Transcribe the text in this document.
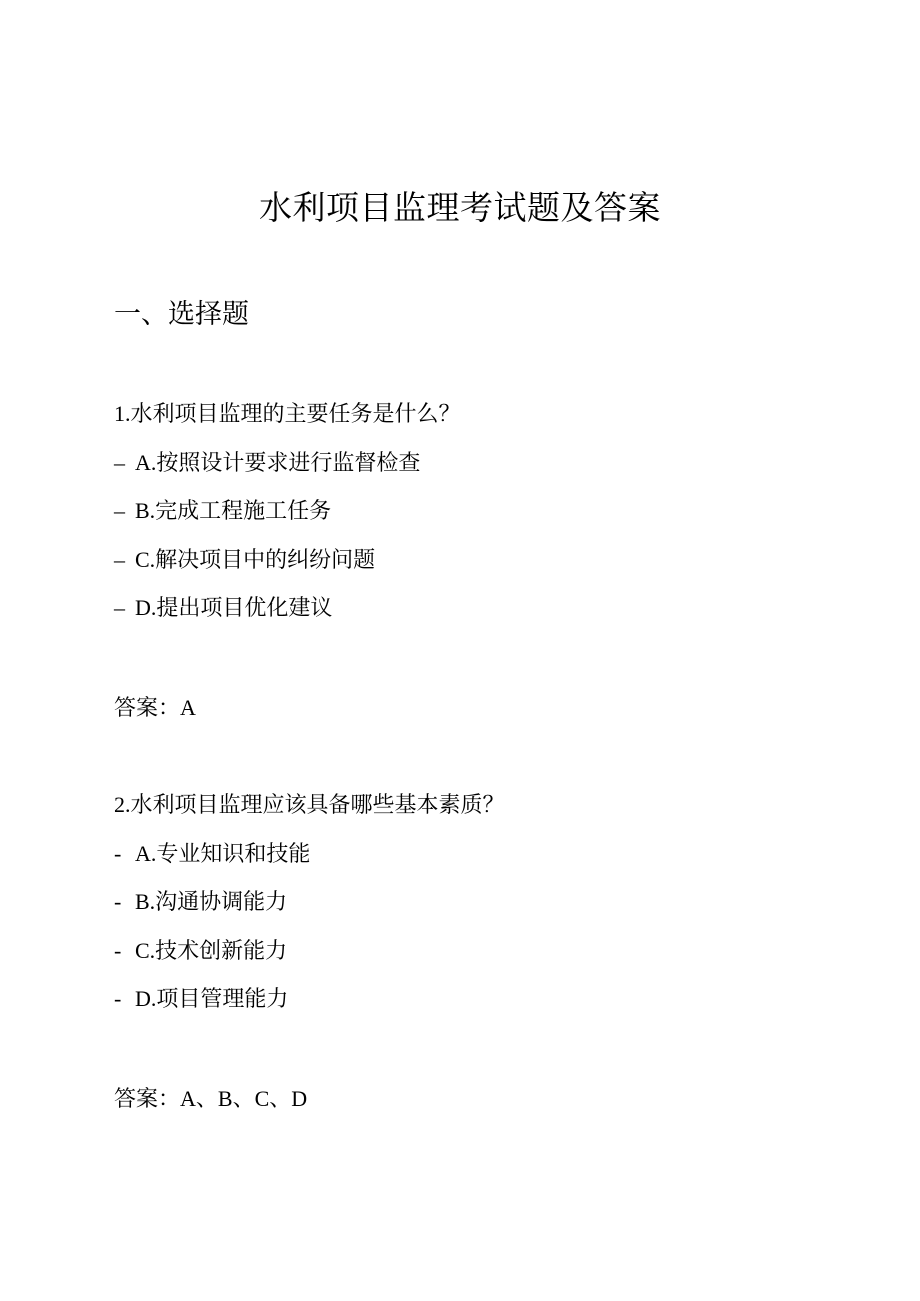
水利项目监理考试题及答案
一、选择题

1.水利项目监理的主要任务是什么？

– A.按照设计要求进行监督检查
– B.完成工程施工任务
– C.解决项目中的纠纷问题
– D.提出项目优化建议
答案：A

2.水利项目监理应该具备哪些基本素质？

- A.专业知识和技能
- B.沟通协调能力
- C.技术创新能力
- D.项目管理能力
答案：A、B、C、D
